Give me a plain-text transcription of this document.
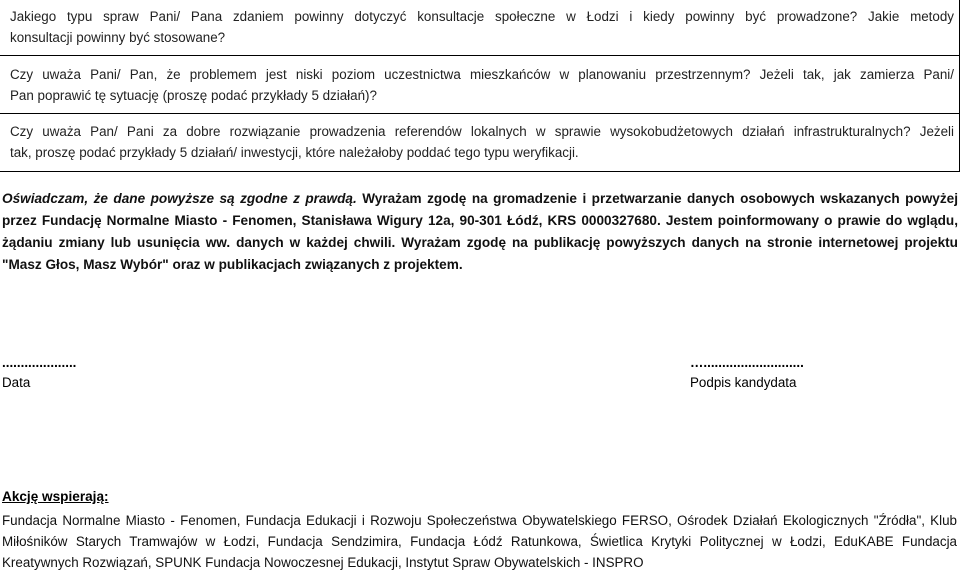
Jakiego typu spraw Pani/ Pana zdaniem powinny dotyczyć konsultacje społeczne w Łodzi i kiedy powinny być prowadzone? Jakie metody
konsultacji powinny być stosowane?
Czy uważa Pani/ Pan, że problemem jest niski poziom uczestnictwa mieszkańców w planowaniu przestrzennym? Jeżeli tak, jak zamierza Pani/
Pan poprawić tę sytuację (proszę podać przykłady 5 działań)?
Czy uważa Pan/ Pani za dobre rozwiązanie prowadzenia referendów lokalnych w sprawie wysokobudżetowych działań infrastrukturalnych? Jeżeli
tak, proszę podać przykłady 5 działań/ inwestycji, które należałoby poddać tego typu weryfikacji.
Oświadczam, że dane powyższe są zgodne z prawdą. Wyrażam zgodę na gromadzenie i przetwarzanie danych osobowych wskazanych powyżej przez Fundację Normalne Miasto - Fenomen, Stanisława Wigury 12a, 90-301 Łódź, KRS 0000327680. Jestem poinformowany o prawie do wglądu, żądaniu zmiany lub usunięcia ww. danych w każdej chwili. Wyrażam zgodę na publikację powyższych danych na stronie internetowej projektu "Masz Głos, Masz Wybór" oraz w publikacjach związanych z projektem.
....................
Data
…...........................
Podpis kandydata
Akcję wspierają:
Fundacja Normalne Miasto - Fenomen, Fundacja Edukacji i Rozwoju Społeczeństwa Obywatelskiego FERSO, Ośrodek Działań Ekologicznych "Źródła", Klub Miłośników Starych Tramwajów w Łodzi, Fundacja Sendzimira, Fundacja Łódź Ratunkowa, Świetlica Krytyki Politycznej w Łodzi, EduKABE Fundacja Kreatywnych Rozwiązań, SPUNK Fundacja Nowoczesnej Edukacji, Instytut Spraw Obywatelskich - INSPRO
